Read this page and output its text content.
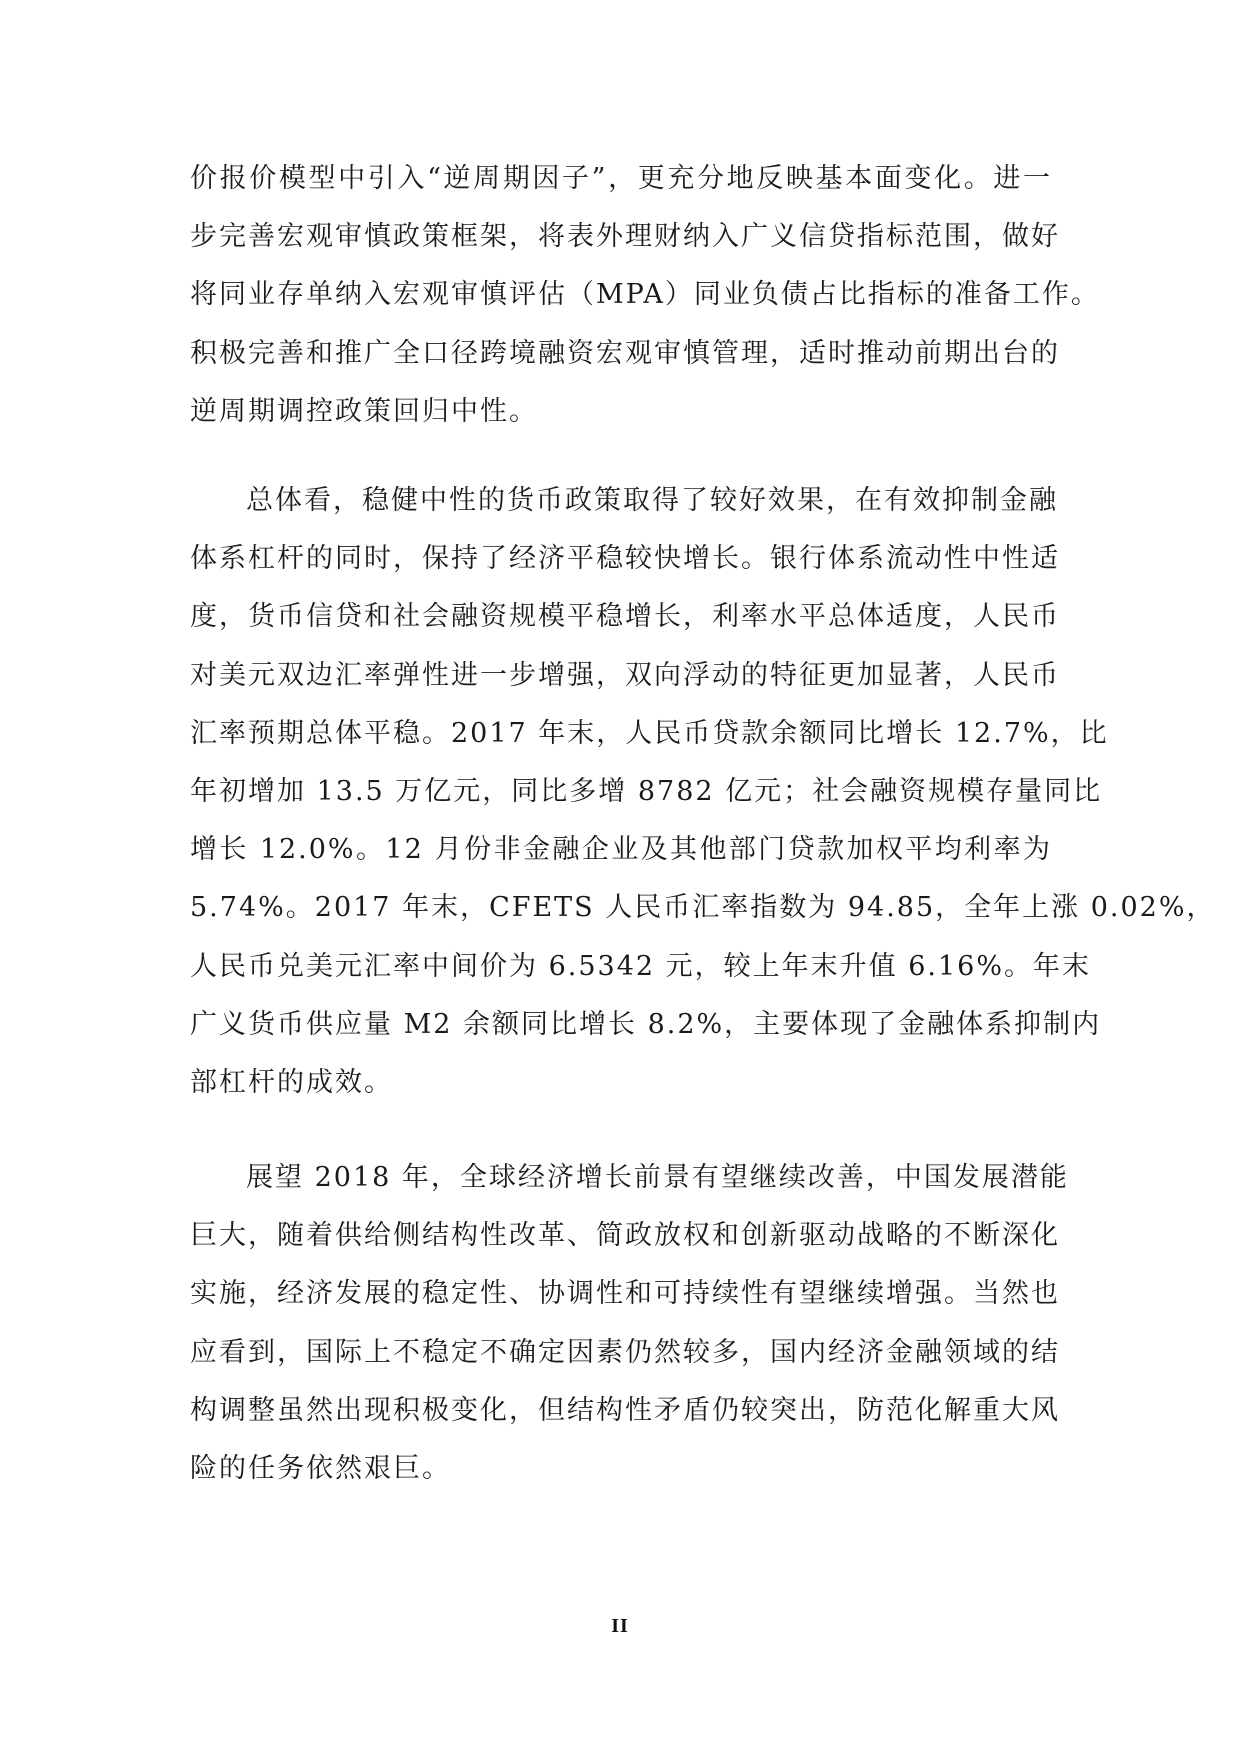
价报价模型中引入“逆周期因子”，更充分地反映基本面变化。进一
步完善宏观审慎政策框架，将表外理财纳入广义信贷指标范围，做好
将同业存单纳入宏观审慎评估（MPA）同业负债占比指标的准备工作。
积极完善和推广全口径跨境融资宏观审慎管理，适时推动前期出台的
逆周期调控政策回归中性。
总体看，稳健中性的货币政策取得了较好效果，在有效抑制金融
体系杠杆的同时，保持了经济平稳较快增长。银行体系流动性中性适
度，货币信贷和社会融资规模平稳增长，利率水平总体适度，人民币
对美元双边汇率弹性进一步增强，双向浮动的特征更加显著，人民币
汇率预期总体平稳。2017 年末，人民币贷款余额同比增长 12.7%，比
年初增加 13.5 万亿元，同比多增 8782 亿元；社会融资规模存量同比
增长 12.0%。12 月份非金融企业及其他部门贷款加权平均利率为
5.74%。2017 年末，CFETS 人民币汇率指数为 94.85，全年上涨 0.02%，
人民币兑美元汇率中间价为 6.5342 元，较上年末升值 6.16%。年末
广义货币供应量 M2 余额同比增长 8.2%，主要体现了金融体系抑制内
部杠杆的成效。
展望 2018 年，全球经济增长前景有望继续改善，中国发展潜能
巨大，随着供给侧结构性改革、简政放权和创新驱动战略的不断深化
实施，经济发展的稳定性、协调性和可持续性有望继续增强。当然也
应看到，国际上不稳定不确定因素仍然较多，国内经济金融领域的结
构调整虽然出现积极变化，但结构性矛盾仍较突出，防范化解重大风
险的任务依然艰巨。
II
